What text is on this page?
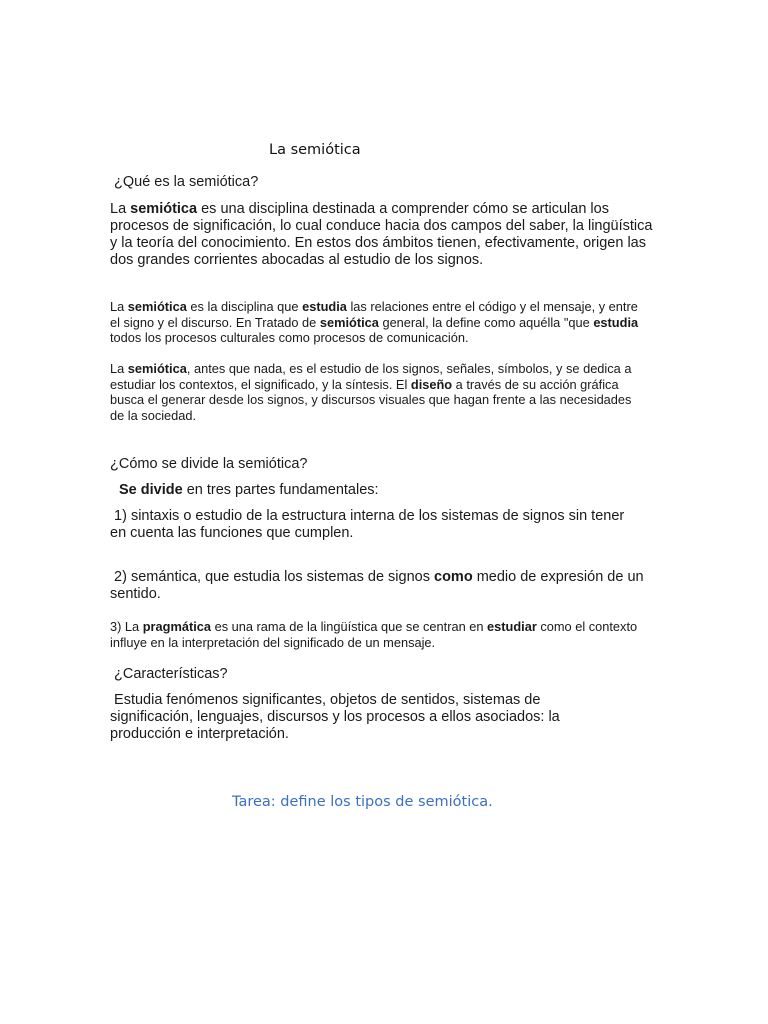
La semiótica

¿Qué es la semiótica?

La semiótica es una disciplina destinada a comprender cómo se articulan los procesos de significación, lo cual conduce hacia dos campos del saber, la lingüística y la teoría del conocimiento. En estos dos ámbitos tienen, efectivamente, origen las dos grandes corrientes abocadas al estudio de los signos.

La semiótica es la disciplina que estudia las relaciones entre el código y el mensaje, y entre el signo y el discurso. En Tratado de semiótica general, la define como aquélla "que estudia todos los procesos culturales como procesos de comunicación.

La semiótica, antes que nada, es el estudio de los signos, señales, símbolos, y se dedica a estudiar los contextos, el significado, y la síntesis. El diseño a través de su acción gráfica busca el generar desde los signos, y discursos visuales que hagan frente a las necesidades de la sociedad.

¿Cómo se divide la semiótica?

Se divide en tres partes fundamentales:

1) sintaxis o estudio de la estructura interna de los sistemas de signos sin tener en cuenta las funciones que cumplen.

2) semántica, que estudia los sistemas de signos como medio de expresión de un sentido.

3) La pragmática es una rama de la lingüística que se centran en estudiar como el contexto influye en la interpretación del significado de un mensaje.

¿Características?

Estudia fenómenos significantes, objetos de sentidos, sistemas de significación, lenguajes, discursos y los procesos a ellos asociados: la producción e interpretación.

Tarea: define los tipos de semiótica.
